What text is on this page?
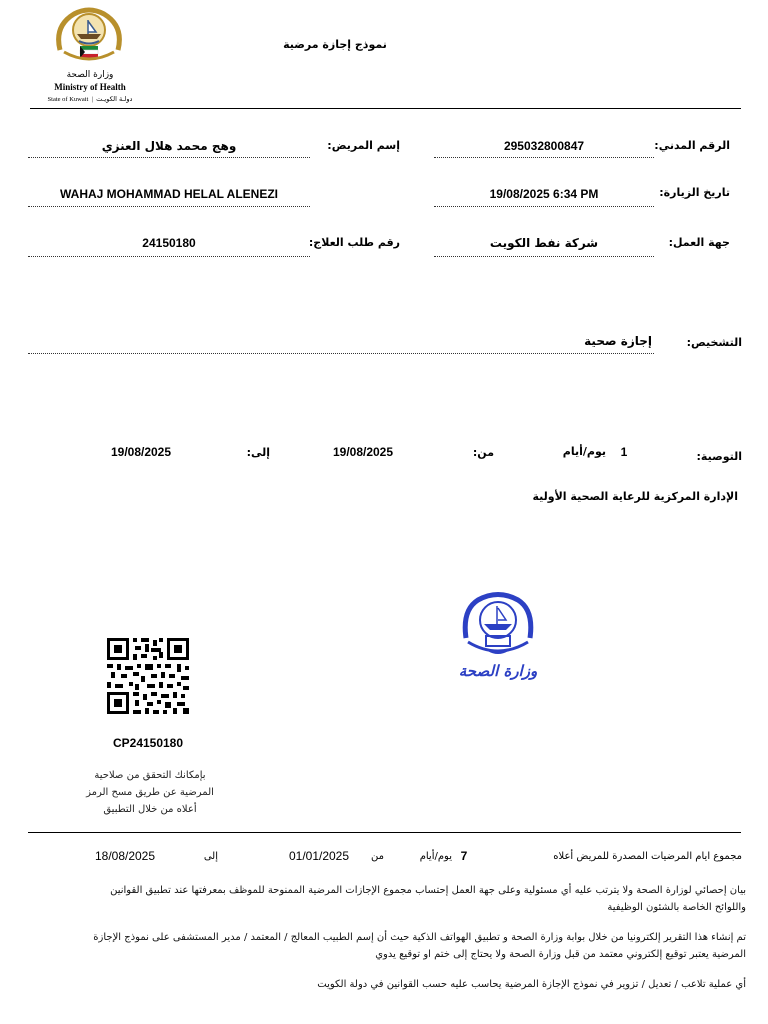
وزارة الصحة
Ministry of Health
State of Kuwait  |  دولـة الكويـت
نموذج إجازة مرضية
الرقم المدني:
295032800847
إسم المريض:
وهج محمد هلال العنزي
تاريخ الزيارة:
19/08/2025 6:34 PM
WAHAJ MOHAMMAD HELAL ALENEZI
جهة العمل:
شركة نفط الكويت
رقم طلب العلاج:
24150180
التشخيص:
إجازة صحية
التوصية:
1
يوم/أيام
من:
19/08/2025
إلى:
19/08/2025
الإدارة المركزية للرعاية الصحية الأولية
وزارة الصحة
CP24150180
بإمكانك التحقق من صلاحية
المرضية عن طريق مسح الرمز
أعلاه من خلال التطبيق
مجموع ايام المرضيات المصدرة للمريض أعلاه
7
يوم/أيام
من
01/01/2025
إلى
18/08/2025
بيان إحصائي لوزارة الصحة ولا يترتب عليه أي مسئولية وعلى جهة العمل إحتساب مجموع الإجازات المرضية الممنوحة للموظف بمعرفتها عند تطبيق القوانين
واللوائح الخاصة بالشئون الوظيفية
تم إنشاء هذا التقرير إلكترونيا من خلال بوابة وزارة الصحة و تطبيق الهواتف الذكية حيث أن إسم الطبيب المعالج / المعتمد / مدير المستشفى على نموذج الإجازة
المرضية يعتبر توقيع إلكتروني معتمد من قبل وزارة الصحة ولا يحتاج إلى ختم او توقيع يدوي
أي عملية تلاعب / تعديل / تزوير في نموذج الإجازة المرضية يحاسب عليه حسب القوانين في دولة الكويت
